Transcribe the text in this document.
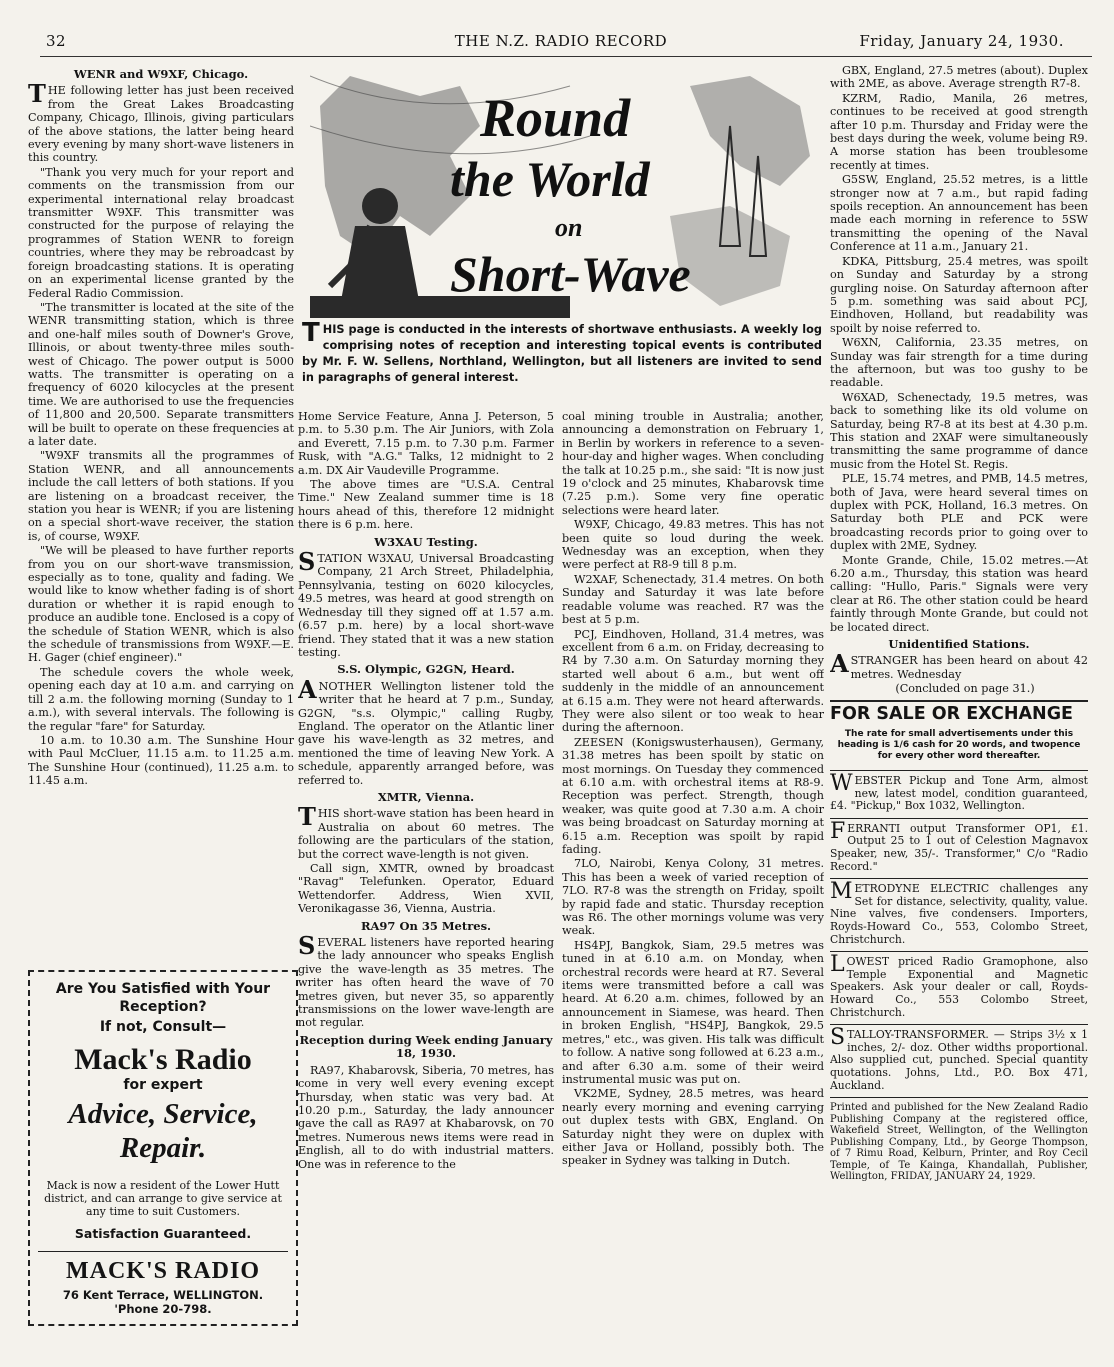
32	THE N.Z. RADIO RECORD	Friday, January 24, 1930.
WENR and W9XF, Chicago.

THE following letter has just been received from the Great Lakes Broadcasting Company, Chicago, Illinois, giving particulars of the above stations, the latter being heard every evening by many short-wave listeners in this country.

"Thank you very much for your report and comments on the transmission from our experimental international relay broadcast transmitter W9XF. This transmitter was constructed for the purpose of relaying the programmes of Station WENR to foreign countries, where they may be rebroadcast by foreign broadcasting stations. It is operating on an experimental license granted by the Federal Radio Commission.

"The transmitter is located at the site of the WENR transmitting station, which is three and one-half miles south of Downer's Grove, Illinois, or about twenty-three miles south-west of Chicago. The power output is 5000 watts. The transmitter is operating on a frequency of 6020 kilocycles at the present time. We are authorised to use the frequencies of 11,800 and 20,500. Separate transmitters will be built to operate on these frequencies at a later date.

"W9XF transmits all the programmes of Station WENR, and all announcements include the call letters of both stations. If you are listening on a broadcast receiver, the station you hear is WENR; if you are listening on a special short-wave receiver, the station is, of course, W9XF.

"We will be pleased to have further reports from you on our short-wave transmission, especially as to tone, quality and fading. We would like to know whether fading is of short duration or whether it is rapid enough to produce an audible tone. Enclosed is a copy of the schedule of Station WENR, which is also the schedule of transmissions from W9XF.—E. H. Gager (chief engineer)."

The schedule covers the whole week, opening each day at 10 a.m. and carrying on till 2 a.m. the following morning (Sunday to 1 a.m.), with several intervals. The following is the regular "fare" for Saturday.

10 a.m. to 10.30 a.m. The Sunshine Hour with Paul McCluer, 11.15 a.m. to 11.25 a.m. The Sunshine Hour (continued), 11.25 a.m. to 11.45 a.m.

Round
the World
on
Short-Wave
THIS page is conducted in the interests of shortwave enthusiasts. A weekly log comprising notes of reception and interesting topical events is contributed by Mr. F. W. Sellens, Northland, Wellington, but all listeners are invited to send in paragraphs of general interest.

Home Service Feature, Anna J. Peterson, 5 p.m. to 5.30 p.m. The Air Juniors, with Zola and Everett, 7.15 p.m. to 7.30 p.m. Farmer Rusk, with "A.G." Talks, 12 midnight to 2 a.m. DX Air Vaudeville Programme.

The above times are "U.S.A. Central Time." New Zealand summer time is 18 hours ahead of this, therefore 12 midnight there is 6 p.m. here.

W3XAU Testing.

STATION W3XAU, Universal Broadcasting Company, 21 Arch Street, Philadelphia, Pennsylvania, testing on 6020 kilocycles, 49.5 metres, was heard at good strength on Wednesday till they signed off at 1.57 a.m. (6.57 p.m. here) by a local short-wave friend. They stated that it was a new station testing.

S.S. Olympic, G2GN, Heard.

ANOTHER Wellington listener told the writer that he heard at 7 p.m., Sunday, G2GN, "s.s. Olympic," calling Rugby, England. The operator on the Atlantic liner gave his wave-length as 32 metres, and mentioned the time of leaving New York. A schedule, apparently arranged before, was referred to.

XMTR, Vienna.

THIS short-wave station has been heard in Australia on about 60 metres. The following are the particulars of the station, but the correct wave-length is not given.

Call sign, XMTR, owned by broadcast "Ravag" Telefunken. Operator, Eduard Wettendorfer. Address, Wien XVII, Veronikagasse 36, Vienna, Austria.

RA97 On 35 Metres.

SEVERAL listeners have reported hearing the lady announcer who speaks English give the wave-length as 35 metres. The writer has often heard the wave of 70 metres given, but never 35, so apparently transmissions on the lower wave-length are not regular.

Reception during Week ending January 18, 1930.

RA97, Khabarovsk, Siberia, 70 metres, has come in very well every evening except Thursday, when static was very bad. At 10.20 p.m., Saturday, the lady announcer gave the call as RA97 at Khabarovsk, on 70 metres. Numerous news items were read in English, all to do with industrial matters. One was in reference to the

coal mining trouble in Australia; another, announcing a demonstration on February 1, in Berlin by workers in reference to a seven-hour-day and higher wages. When concluding the talk at 10.25 p.m., she said: "It is now just 19 o'clock and 25 minutes, Khabarovsk time (7.25 p.m.). Some very fine operatic selections were heard later.

W9XF, Chicago, 49.83 metres. This has not been quite so loud during the week. Wednesday was an exception, when they were perfect at R8-9 till 8 p.m.

W2XAF, Schenectady, 31.4 metres. On both Sunday and Saturday it was late before readable volume was reached. R7 was the best at 5 p.m.

PCJ, Eindhoven, Holland, 31.4 metres, was excellent from 6 a.m. on Friday, decreasing to R4 by 7.30 a.m. On Saturday morning they started well about 6 a.m., but went off suddenly in the middle of an announcement at 6.15 a.m. They were not heard afterwards. They were also silent or too weak to hear during the afternoon.

ZEESEN (Konigswusterhausen), Germany, 31.38 metres has been spoilt by static on most mornings. On Tuesday they commenced at 6.10 a.m. with orchestral items at R8-9. Reception was perfect. Strength, though weaker, was quite good at 7.30 a.m. A choir was being broadcast on Saturday morning at 6.15 a.m. Reception was spoilt by rapid fading.

7LO, Nairobi, Kenya Colony, 31 metres. This has been a week of varied reception of 7LO. R7-8 was the strength on Friday, spoilt by rapid fade and static. Thursday reception was R6. The other mornings volume was very weak.

HS4PJ, Bangkok, Siam, 29.5 metres was tuned in at 6.10 a.m. on Monday, when orchestral records were heard at R7. Several items were transmitted before a call was heard. At 6.20 a.m. chimes, followed by an announcement in Siamese, was heard. Then in broken English, "HS4PJ, Bangkok, 29.5 metres," etc., was given. His talk was difficult to follow. A native song followed at 6.23 a.m., and after 6.30 a.m. some of their weird instrumental music was put on.

VK2ME, Sydney, 28.5 metres, was heard nearly every morning and evening carrying out duplex tests with GBX, England. On Saturday night they were on duplex with either Java or Holland, possibly both. The speaker in Sydney was talking in Dutch.

GBX, England, 27.5 metres (about). Duplex with 2ME, as above. Average strength R7-8.

KZRM, Radio, Manila, 26 metres, continues to be received at good strength after 10 p.m. Thursday and Friday were the best days during the week, volume being R9. A morse station has been troublesome recently at times.

G5SW, England, 25.52 metres, is a little stronger now at 7 a.m., but rapid fading spoils reception. An announcement has been made each morning in reference to 5SW transmitting the opening of the Naval Conference at 11 a.m., January 21.

KDKA, Pittsburg, 25.4 metres, was spoilt on Sunday and Saturday by a strong gurgling noise. On Saturday afternoon after 5 p.m. something was said about PCJ, Eindhoven, Holland, but readability was spoilt by noise referred to.

W6XN, California, 23.35 metres, on Sunday was fair strength for a time during the afternoon, but was too gushy to be readable.

W6XAD, Schenectady, 19.5 metres, was back to something like its old volume on Saturday, being R7-8 at its best at 4.30 p.m. This station and 2XAF were simultaneously transmitting the same programme of dance music from the Hotel St. Regis.

PLE, 15.74 metres, and PMB, 14.5 metres, both of Java, were heard several times on duplex with PCK, Holland, 16.3 metres. On Saturday both PLE and PCK were broadcasting records prior to going over to duplex with 2ME, Sydney.

Monte Grande, Chile, 15.02 metres.—At 6.20 a.m., Thursday, this station was heard calling: "Hullo, Paris." Signals were very clear at R6. The other station could be heard faintly through Monte Grande, but could not be located direct.

Unidentified Stations.

ASTRANGER has been heard on about 42 metres. Wednesday

(Concluded on page 31.)

FOR SALE OR EXCHANGE
The rate for small advertisements under this heading is 1/6 cash for 20 words, and twopence for every other word thereafter.
WEBSTER Pickup and Tone Arm, almost new, latest model, condition guaranteed, £4. "Pickup," Box 1032, Wellington.
FERRANTI output Transformer OP1, £1. Output 25 to 1 out of Celestion Magnavox Speaker, new, 35/-. Transformer," C/o "Radio Record."
METRODYNE ELECTRIC challenges any Set for distance, selectivity, quality, value. Nine valves, five condensers. Importers, Royds-Howard Co., 553, Colombo Street, Christchurch.
LOWEST priced Radio Gramophone, also Temple Exponential and Magnetic Speakers. Ask your dealer or call, Royds-Howard Co., 553 Colombo Street, Christchurch.
STALLOY-TRANSFORMER. — Strips 3½ x 1 inches, 2/- doz. Other widths proportional. Also supplied cut, punched. Special quantity quotations. Johns, Ltd., P.O. Box 471, Auckland.
Printed and published for the New Zealand Radio Publishing Company at the registered office, Wakefield Street, Wellington, of the Wellington Publishing Company, Ltd., by George Thompson, of 7 Rimu Road, Kelburn, Printer, and Roy Cecil Temple, of Te Kainga, Khandallah, Publisher, Wellington, FRIDAY, JANUARY 24, 1929.
Are You Satisfied with Your Reception?
If not, Consult—
Mack's Radio
for expert
Advice, Service, Repair.
Mack is now a resident of the Lower Hutt district, and can arrange to give service at any time to suit Customers.
Satisfaction Guaranteed.
MACK'S RADIO
76 Kent Terrace, WELLINGTON.
'Phone 20-798.
